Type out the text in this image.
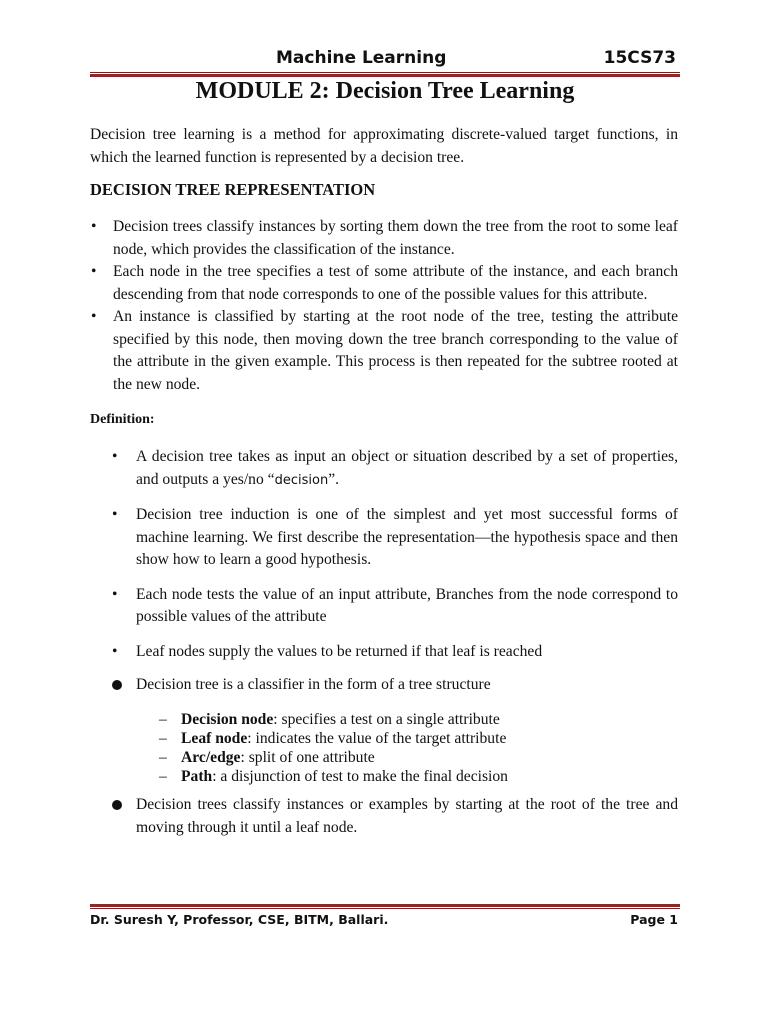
Machine Learning	15CS73
MODULE 2: Decision Tree Learning

Decision tree learning is a method for approximating discrete-valued target functions, in which the learned function is represented by a decision tree.

DECISION TREE REPRESENTATION
• Decision trees classify instances by sorting them down the tree from the root to some leaf node, which provides the classification of the instance.
• Each node in the tree specifies a test of some attribute of the instance, and each branch descending from that node corresponds to one of the possible values for this attribute.
• An instance is classified by starting at the root node of the tree, testing the attribute specified by this node, then moving down the tree branch corresponding to the value of the attribute in the given example. This process is then repeated for the subtree rooted at the new node.
Definition:
• A decision tree takes as input an object or situation described by a set of properties, and outputs a yes/no “decision”.
• Decision tree induction is one of the simplest and yet most successful forms of machine learning. We first describe the representation—the hypothesis space and then show how to learn a good hypothesis.
• Each node tests the value of an input attribute, Branches from the node correspond to possible values of the attribute
• Leaf nodes supply the values to be returned if that leaf is reached
Decision tree is a classifier in the form of a tree structure
– Decision node: specifies a test on a single attribute
– Leaf node: indicates the value of the target attribute
– Arc/edge: split of one attribute
– Path: a disjunction of test to make the final decision
Decision trees classify instances or examples by starting at the root of the tree and moving through it until a leaf node.
Dr. Suresh Y, Professor, CSE, BITM, Ballari.	Page 1
